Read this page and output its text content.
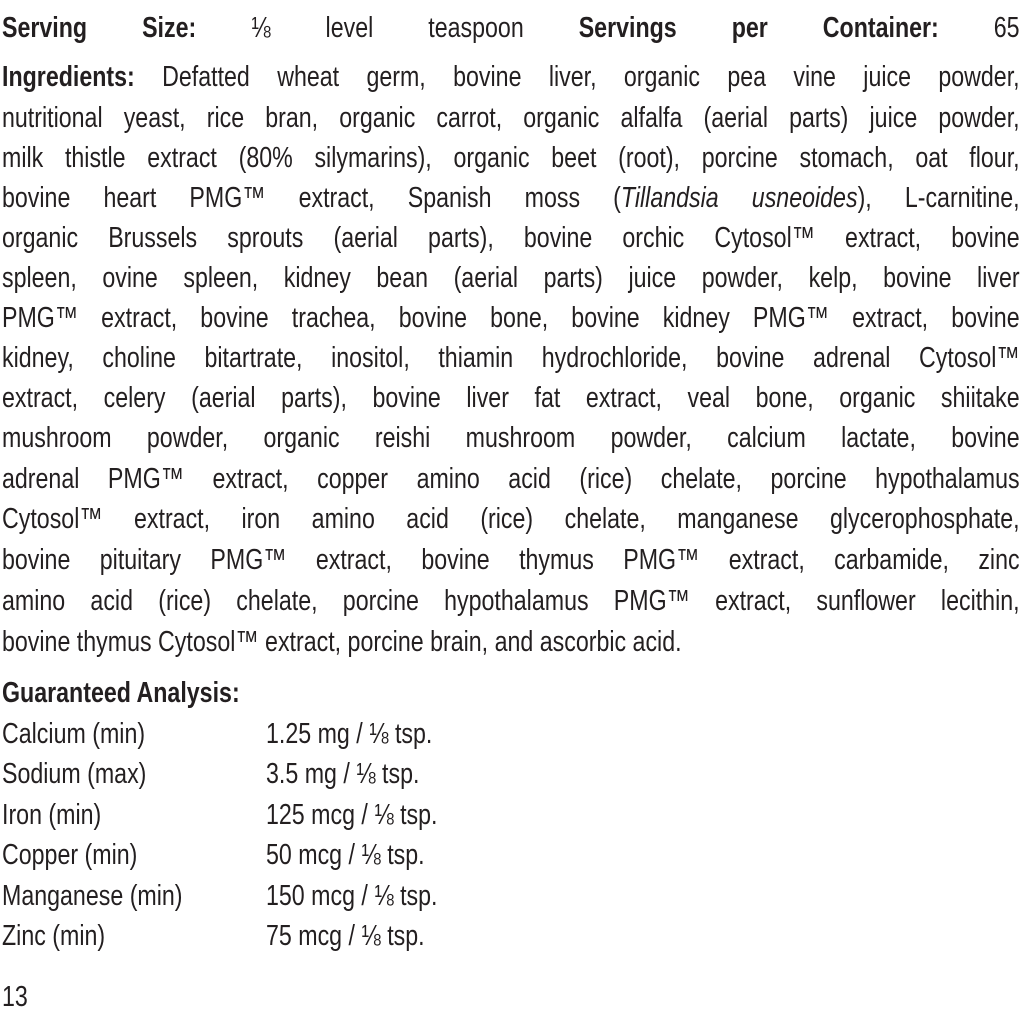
Serving Size: ⅛ level teaspoon Servings per Container: 65
Ingredients: Defatted wheat germ, bovine liver, organic pea vine juice powder,
nutritional yeast, rice bran, organic carrot, organic alfalfa (aerial parts) juice powder,
milk thistle extract (80% silymarins), organic beet (root), porcine stomach, oat flour,
bovine heart PMG™ extract, Spanish moss (Tillandsia usneoides), L-carnitine,
organic Brussels sprouts (aerial parts), bovine orchic Cytosol™ extract, bovine
spleen, ovine spleen, kidney bean (aerial parts) juice powder, kelp, bovine liver
PMG™ extract, bovine trachea, bovine bone, bovine kidney PMG™ extract, bovine
kidney, choline bitartrate, inositol, thiamin hydrochloride, bovine adrenal Cytosol™
extract, celery (aerial parts), bovine liver fat extract, veal bone, organic shiitake
mushroom powder, organic reishi mushroom powder, calcium lactate, bovine
adrenal PMG™ extract, copper amino acid (rice) chelate, porcine hypothalamus
Cytosol™ extract, iron amino acid (rice) chelate, manganese glycerophosphate,
bovine pituitary PMG™ extract, bovine thymus PMG™ extract, carbamide, zinc
amino acid (rice) chelate, porcine hypothalamus PMG™ extract, sunflower lecithin,
bovine thymus Cytosol™ extract, porcine brain, and ascorbic acid.
Guaranteed Analysis:
Calcium (min)	1.25 mg / ⅛ tsp.
Sodium (max)	3.5 mg / ⅛ tsp.
Iron (min)	125 mcg / ⅛ tsp.
Copper (min)	50 mcg / ⅛ tsp.
Manganese (min)	150 mcg / ⅛ tsp.
Zinc (min)	75 mcg / ⅛ tsp.
13
